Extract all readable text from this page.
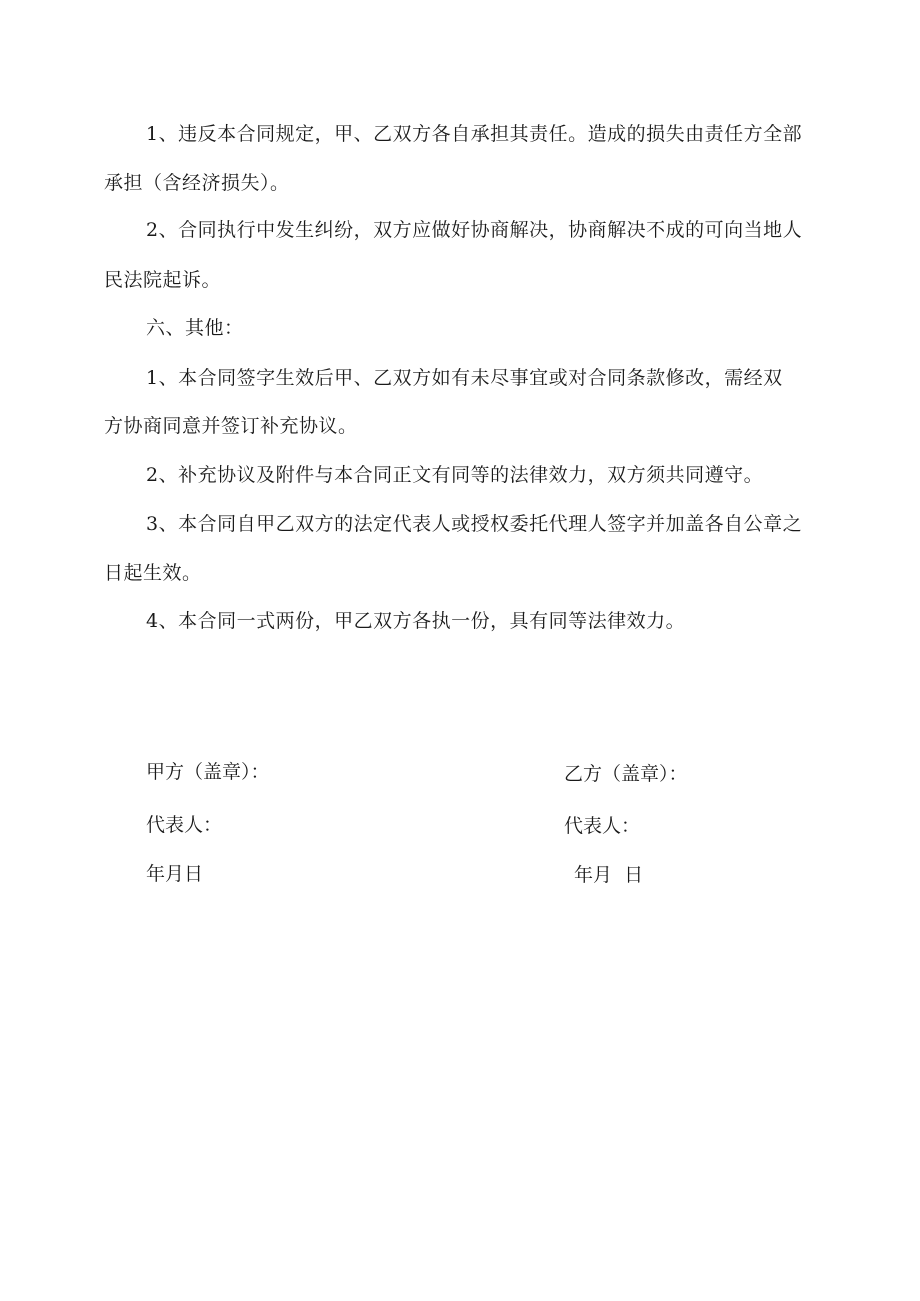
1、违反本合同规定，甲、乙双方各自承担其责任。造成的损失由责任方全部
承担（含经济损失）。
2、合同执行中发生纠纷，双方应做好协商解决，协商解决不成的可向当地人
民法院起诉。
六、其他：
1、本合同签字生效后甲、乙双方如有未尽事宜或对合同条款修改，需经双
方协商同意并签订补充协议。
2、补充协议及附件与本合同正文有同等的法律效力，双方须共同遵守。
3、本合同自甲乙双方的法定代表人或授权委托代理人签字并加盖各自公章之
日起生效。
4、本合同一式两份，甲乙双方各执一份，具有同等法律效力。
甲方（盖章）：
代表人：
年月日
乙方（盖章）：
代表人：
年月  日
